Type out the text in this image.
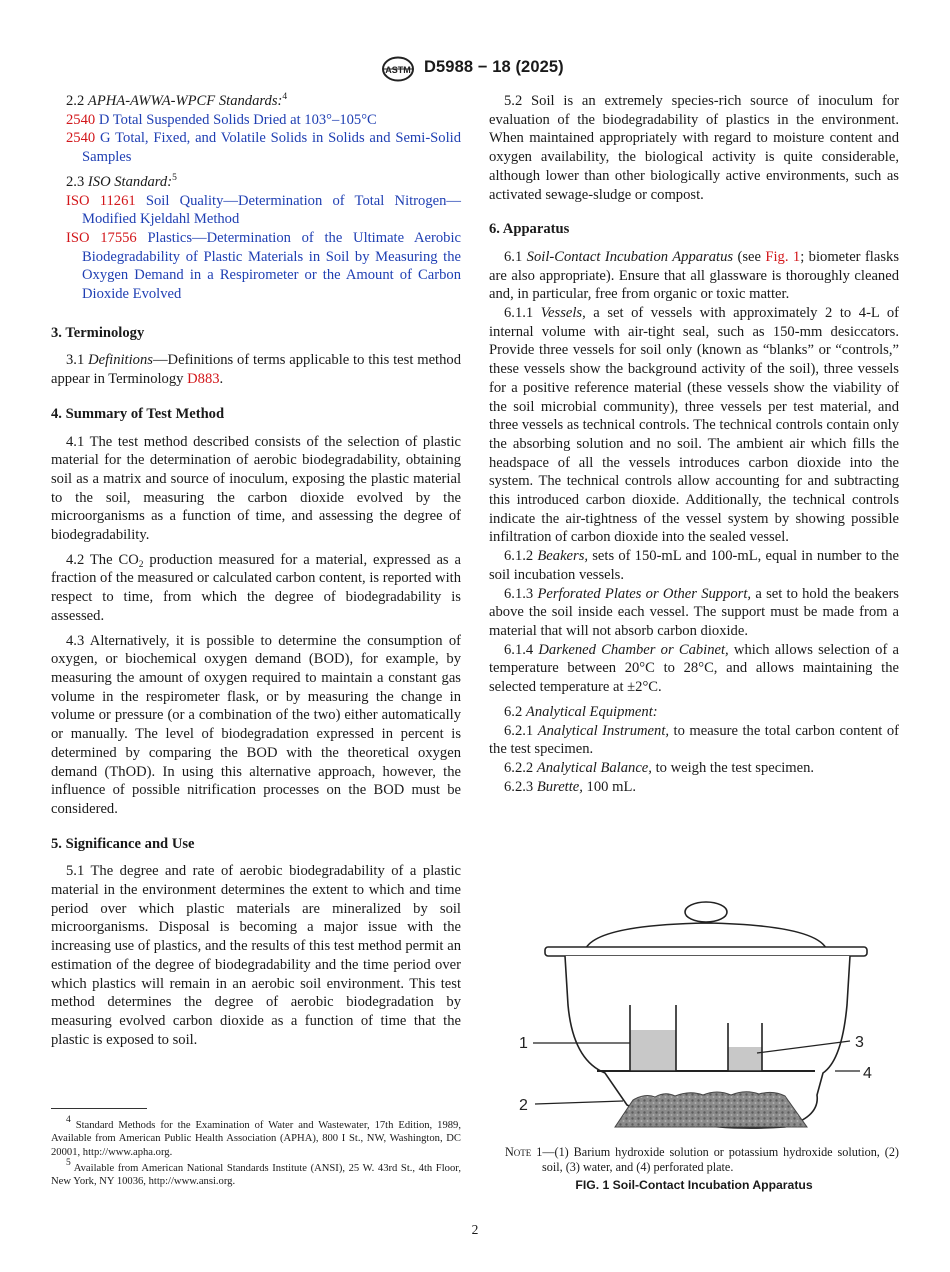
ASTM D5988 − 18 (2025)

2.2 APHA-AWWA-WPCF Standards:$^4$

2540 D Total Suspended Solids Dried at 103°–105°C

2540 G Total, Fixed, and Volatile Solids in Solids and Semi-Solid Samples

2.3 ISO Standard:$^5$

ISO 11261 Soil Quality—Determination of Total Nitrogen—Modified Kjeldahl Method

ISO 17556 Plastics—Determination of the Ultimate Aerobic Biodegradability of Plastic Materials in Soil by Measuring the Oxygen Demand in a Respirometer or the Amount of Carbon Dioxide Evolved

3. Terminology

3.1 Definitions—Definitions of terms applicable to this test method appear in Terminology D883.

4. Summary of Test Method

4.1 The test method described consists of the selection of plastic material for the determination of aerobic biodegradability, obtaining soil as a matrix and source of inoculum, exposing the plastic material to the soil, measuring the carbon dioxide evolved by the microorganisms as a function of time, and assessing the degree of biodegradability.

4.2 The $CO_2$ production measured for a material, expressed as a fraction of the measured or calculated carbon content, is reported with respect to time, from which the degree of biodegradability is assessed.

4.3 Alternatively, it is possible to determine the consumption of oxygen, or biochemical oxygen demand (BOD), for example, by measuring the amount of oxygen required to maintain a constant gas volume in the respirometer flask, or by measuring the change in volume or pressure (or a combination of the two) either automatically or manually. The level of biodegradation expressed in percent is determined by comparing the BOD with the theoretical oxygen demand (ThOD). In using this alternative approach, however, the influence of possible nitrification processes on the BOD must be considered.

5. Significance and Use

5.1 The degree and rate of aerobic biodegradability of a plastic material in the environment determines the extent to which and time period over which plastic materials are mineralized by soil microorganisms. Disposal is becoming a major issue with the increasing use of plastics, and the results of this test method permit an estimation of the degree of biodegradability and the time period over which plastics will remain in an aerobic soil environment. This test method determines the degree of aerobic biodegradation by measuring evolved carbon dioxide as a function of time that the plastic is exposed to soil.

5.2 Soil is an extremely species-rich source of inoculum for evaluation of the biodegradability of plastics in the environment. When maintained appropriately with regard to moisture content and oxygen availability, the biological activity is quite considerable, although lower than other biologically active environments, such as activated sewage-sludge or compost.

6. Apparatus

6.1 Soil-Contact Incubation Apparatus (see Fig. 1; biometer flasks are also appropriate). Ensure that all glassware is thoroughly cleaned and, in particular, free from organic or toxic matter.

6.1.1 Vessels, a set of vessels with approximately 2 to 4-L of internal volume with air-tight seal, such as 150-mm desiccators. Provide three vessels for soil only (known as “blanks” or “controls,” these vessels show the background activity of the soil), three vessels for a positive reference material (these vessels show the viability of the soil microbial community), three vessels per test material, and three vessels as technical controls. The technical controls contain only the absorbing solution and no soil. The ambient air which fills the headspace of all the vessels introduces carbon dioxide into the system. The technical controls allow accounting for and subtracting this introduced carbon dioxide. Additionally, the technical controls indicate the air-tightness of the vessel system by showing possible infiltration of carbon dioxide into the sealed vessel.

6.1.2 Beakers, sets of 150-mL and 100-mL, equal in number to the soil incubation vessels.

6.1.3 Perforated Plates or Other Support, a set to hold the beakers above the soil inside each vessel. The support must be made from a material that will not absorb carbon dioxide.

6.1.4 Darkened Chamber or Cabinet, which allows selection of a temperature between 20°C to 28°C, and allows maintaining the selected temperature at ±2°C.

6.2 Analytical Equipment:

6.2.1 Analytical Instrument, to measure the total carbon content of the test specimen.

6.2.2 Analytical Balance, to weigh the test specimen.

6.2.3 Burette, 100 mL.

1
2
3
4

Note 1—(1) Barium hydroxide solution or potassium hydroxide solution, (2) soil, (3) water, and (4) perforated plate.

FIG. 1 Soil-Contact Incubation Apparatus

$^4$ Standard Methods for the Examination of Water and Wastewater, 17th Edition, 1989, Available from American Public Health Association (APHA), 800 I St., NW, Washington, DC 20001, http://www.apha.org.

$^5$ Available from American National Standards Institute (ANSI), 25 W. 43rd St., 4th Floor, New York, NY 10036, http://www.ansi.org.

2
